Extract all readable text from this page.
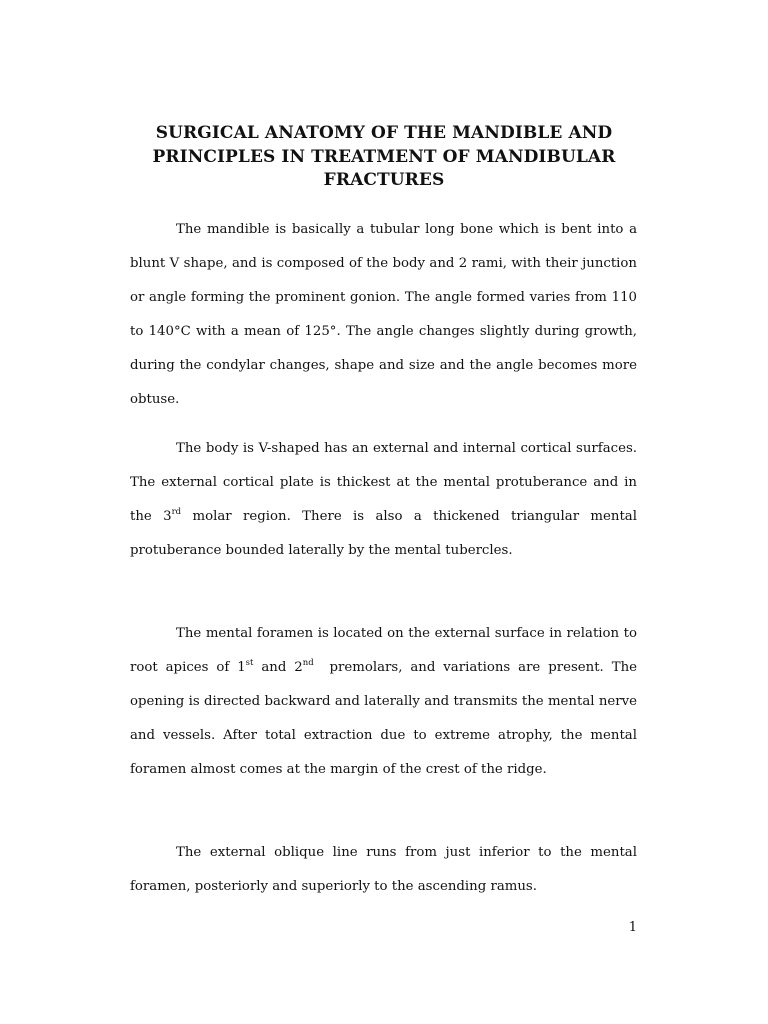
SURGICAL ANATOMY OF THE MANDIBLE AND PRINCIPLES IN TREATMENT OF MANDIBULAR FRACTURES

The mandible is basically a tubular long bone which is bent into a blunt V shape, and is composed of the body and 2 rami, with their junction or angle forming the prominent gonion. The angle formed varies from 110 to 140°C with a mean of 125°. The angle changes slightly during growth, during the condylar changes, shape and size and the angle becomes more obtuse.

The body is V-shaped has an external and internal cortical surfaces. The external cortical plate is thickest at the mental protuberance and in the 3rd molar region. There is also a thickened triangular mental protuberance bounded laterally by the mental tubercles.

The mental foramen is located on the external surface in relation to root apices of 1st and 2nd  premolars, and variations are present. The opening is directed backward and laterally and transmits the mental nerve and vessels. After total extraction due to extreme atrophy, the mental foramen almost comes at the margin of the crest of the ridge.

The external oblique line runs from just inferior to the mental foramen, posteriorly and superiorly to the ascending ramus.

1
